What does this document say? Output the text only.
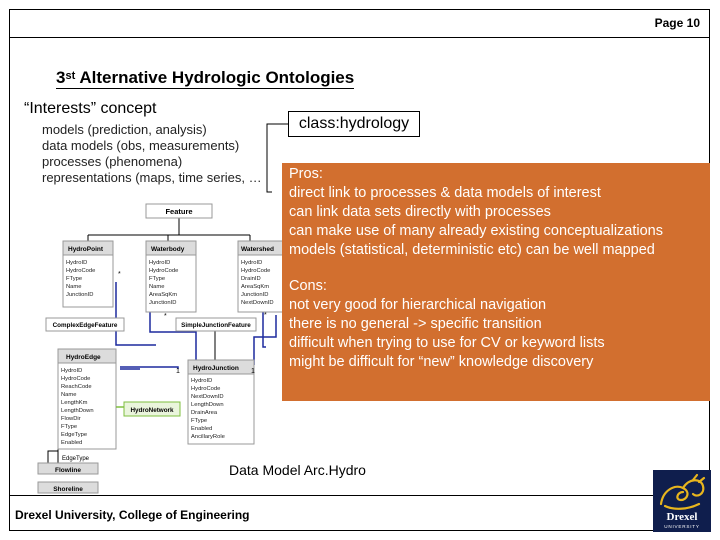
Page 10
3st Alternative Hydrologic Ontologies
“Interests” concept
models (prediction, analysis)
data models (obs, measurements)
processes (phenomena)
representations (maps, time series, …
class:hydrology
Feature
HydroPoint
HydroID
HydroCode
FType
Name
JunctionID
Waterbody
HydroID
HydroCode
FType
Name
AreaSqKm
JunctionID
Watershed
HydroID
HydroCode
DrainID
AreaSqKm
JunctionID
NextDownID
ComplexEdgeFeature	SimpleJunctionFeature
HydroEdge
HydroID
HydroCode
ReachCode
Name
LengthKm
LengthDown
FlowDir
FType
EdgeType
Enabled
HydroJunction
HydroID
HydroCode
NextDownID
LengthDown
DrainArea
FType
Enabled
AncillaryRole
HydroNetwork
EdgeType
Flowline
Shoreline
*
*
1	1
*
Pros:
direct link to processes & data models of interest
can link data sets directly with processes
can make use of many already existing conceptualizations
models (statistical, deterministic etc) can be well mapped
Cons:
not very good for hierarchical navigation
there is no general -> specific transition
difficult when trying to use for CV or keyword lists
might be difficult for “new” knowledge discovery
Data Model Arc.Hydro
Drexel University, College of Engineering	Drexel
UNIVERSITY
